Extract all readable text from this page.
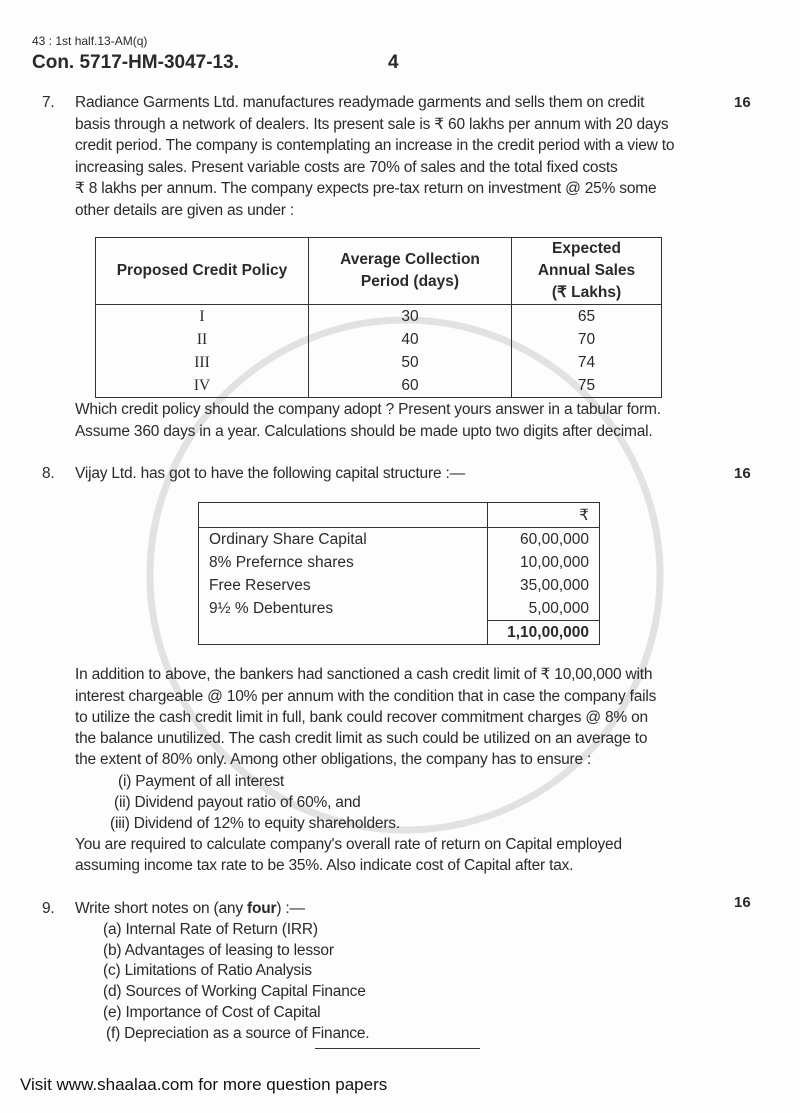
43 : 1st half.13-AM(q)
Con. 5717-HM-3047-13.	4
7.	16
Radiance Garments Ltd. manufactures readymade garments and sells them on credit
basis through a network of dealers. Its present sale is ₹ 60 lakhs per annum with 20 days
credit period. The company is contemplating an increase in the credit period with a view to
increasing sales. Present variable costs are 70% of sales and the total fixed costs
₹ 8 lakhs per annum. The company expects pre-tax return on investment @ 25% some
other details are given as under :
Proposed Credit Policy	Average Collection Period (days)	Expected Annual Sales (₹ Lakhs)
I	30	65
II	40	70
III	50	74
IV	60	75
Which credit policy should the company adopt ? Present yours answer in a tabular form.
Assume 360 days in a year. Calculations should be made upto two digits after decimal.
8.	16
Vijay Ltd. has got to have the following capital structure :—
	₹
Ordinary Share Capital	60,00,000
8% Prefernce shares	10,00,000
Free Reserves	35,00,000
9½ % Debentures	5,00,000
	1,10,00,000
In addition to above, the bankers had sanctioned a cash credit limit of ₹ 10,00,000 with
interest chargeable @ 10% per annum with the condition that in case the company fails
to utilize the cash credit limit in full, bank could recover commitment charges @ 8% on
the balance unutilized. The cash credit limit as such could be utilized on an average to
the extent of 80% only. Among other obligations, the company has to ensure :
(i) Payment of all interest
(ii) Dividend payout ratio of 60%, and
(iii) Dividend of 12% to equity shareholders.
You are required to calculate company's overall rate of return on Capital employed
assuming income tax rate to be 35%. Also indicate cost of Capital after tax.
9.	16
Write short notes on (any four) :—
(a) Internal Rate of Return (IRR)
(b) Advantages of leasing to lessor
(c) Limitations of Ratio Analysis
(d) Sources of Working Capital Finance
(e) Importance of Cost of Capital
(f) Depreciation as a source of Finance.
Visit www.shaalaa.com for more question papers
